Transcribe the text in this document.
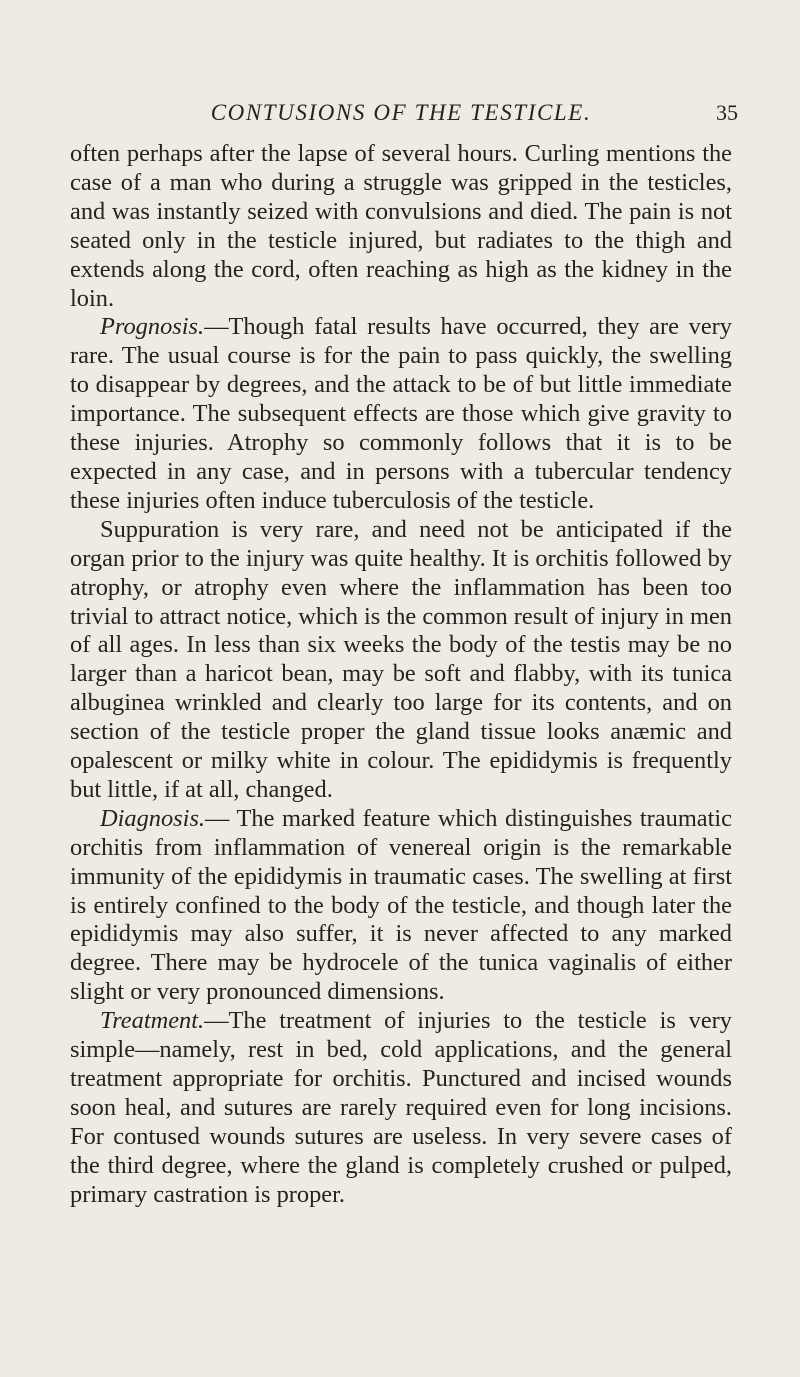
CONTUSIONS OF THE TESTICLE.	35

often perhaps after the lapse of several hours. Curling mentions the case of a man who during a struggle was gripped in the testicles, and was instantly seized with convulsions and died. The pain is not seated only in the testicle injured, but radiates to the thigh and extends along the cord, often reaching as high as the kidney in the loin.

Prognosis.—Though fatal results have occurred, they are very rare. The usual course is for the pain to pass quickly, the swelling to disappear by degrees, and the attack to be of but little immediate importance. The subsequent effects are those which give gravity to these injuries. Atrophy so commonly follows that it is to be expected in any case, and in persons with a tubercular tendency these injuries often induce tuberculosis of the testicle.

Suppuration is very rare, and need not be anticipated if the organ prior to the injury was quite healthy. It is orchitis followed by atrophy, or atrophy even where the inflammation has been too trivial to attract notice, which is the common result of injury in men of all ages. In less than six weeks the body of the testis may be no larger than a haricot bean, may be soft and flabby, with its tunica albuginea wrinkled and clearly too large for its contents, and on section of the testicle proper the gland tissue looks anæmic and opalescent or milky white in colour. The epididymis is frequently but little, if at all, changed.

Diagnosis.— The marked feature which distinguishes traumatic orchitis from inflammation of venereal origin is the remarkable immunity of the epididymis in traumatic cases. The swelling at first is entirely confined to the body of the testicle, and though later the epididymis may also suffer, it is never affected to any marked degree. There may be hydrocele of the tunica vaginalis of either slight or very pronounced dimensions.

Treatment.—The treatment of injuries to the testicle is very simple—namely, rest in bed, cold applications, and the general treatment appropriate for orchitis. Punctured and incised wounds soon heal, and sutures are rarely required even for long incisions. For contused wounds sutures are useless. In very severe cases of the third degree, where the gland is completely crushed or pulped, primary castration is proper.
